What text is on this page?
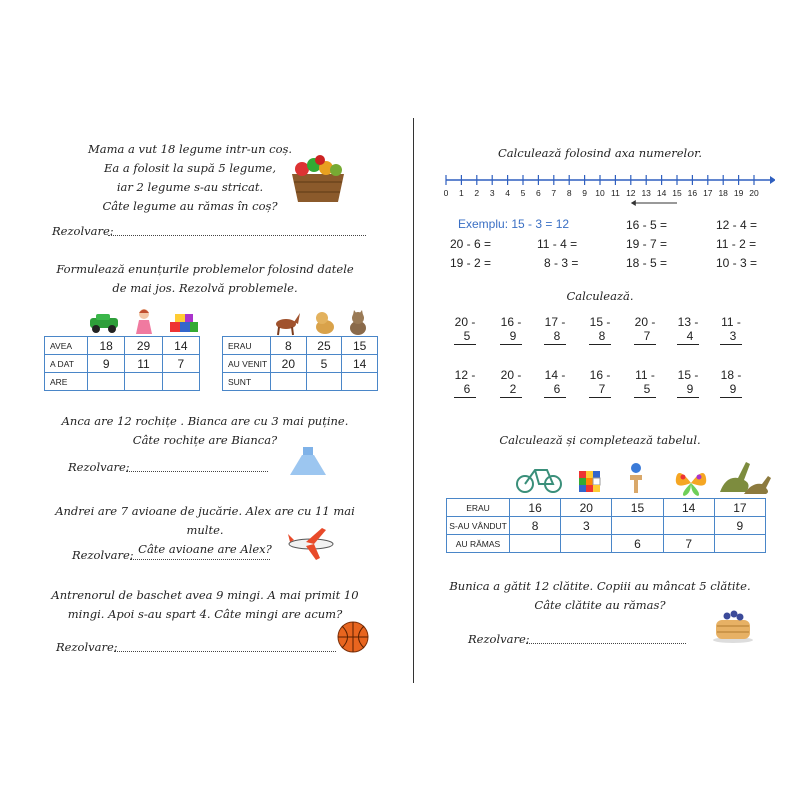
Mama a vut 18 legume intr-un coș.
Ea a folosit la supă 5 legume,
iar 2 legume s-au stricat.
Câte legume au rămas în coș?
Rezolvare:
Formulează enunțurile problemelor folosind datele
de mai jos. Rezolvă problemele.
AVEA	18	29	14
A DAT	9	11	7
ARE			
ERAU	8	25	15
AU VENIT	20	5	14
SUNT			
Anca are 12 rochițe . Bianca are cu 3 mai puține.
Câte rochițe are Bianca?
Rezolvare:
Andrei are 7 avioane de jucărie. Alex are cu 11 mai multe.
Câte avioane are Alex?
Rezolvare:
Antrenorul de baschet avea 9 mingi. A mai primit 10
mingi. Apoi s-au spart 4. Câte mingi are acum?
Rezolvare:
Calculează folosind axa numerelor.
0 1 2 3 4 5 6 7 8 9 10 11 12 13 14 15 16 17 18 19 20
Exemplu: 15 - 3 = 12	16 - 5 =	12 - 4 =
20 - 6 =	11 - 4 =	19 - 7 =	11 - 2 =
19 - 2 =	8 - 3 =	18 - 5 =	10 - 3 =
Calculează.
20 -
5
16 -
9
17 -
8
15 -
8
20 -
7
13 -
4
11 -
3
12 -
6
20 -
2
14 -
6
16 -
7
11 -
5
15 -
9
18 -
9
Calculează și completează tabelul.
ERAU	16	20	15	14	17
S-AU VÂNDUT	8	3			9
AU RĂMAS			6	7	
Bunica a gătit 12 clătite. Copiii au mâncat 5 clătite.
Câte clătite au rămas?
Rezolvare:
